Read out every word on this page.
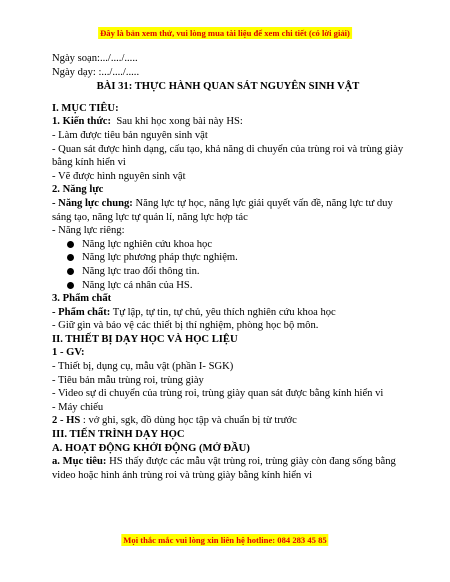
Đây là bản xem thử, vui lòng mua tài liệu để xem chi tiết (có lời giải)
Ngày soạn:.../..../.....
Ngày dạy: :.../..../.....
BÀI 31: THỰC HÀNH QUAN SÁT NGUYÊN SINH VẬT
I. MỤC TIÊU:
1. Kiến thức: Sau khi học xong bài này HS:
- Làm được tiêu bản nguyên sinh vật
- Quan sát được hình dạng, cấu tạo, khả năng di chuyển của trùng roi và trùng giày bằng kính hiển vi
- Vẽ được hình nguyên sinh vật
2. Năng lực
- Năng lực chung: Năng lực tự học, năng lực giải quyết vấn đề, năng lực tư duy sáng tạo, năng lực tự quản lí, năng lực hợp tác
- Năng lực riêng:
Năng lực nghiên cứu khoa học
Năng lực phương pháp thực nghiệm.
Năng lực trao đổi thông tin.
Năng lực cá nhân của HS.
3. Phẩm chất
- Phẩm chất: Tự lập, tự tin, tự chủ, yêu thích nghiên cứu khoa học
- Giữ gìn và bảo vệ các thiết bị thí nghiệm, phòng học bộ môn.
II. THIẾT BỊ DẠY HỌC VÀ HỌC LIỆU
1 - GV:
- Thiết bị, dụng cụ, mẫu vật (phần I- SGK)
- Tiêu bản mẫu trùng roi, trùng giày
- Video sự di chuyển của trùng roi, trùng giày quan sát được bằng kính hiển vi
- Máy chiếu
2 - HS : vở ghi, sgk, đồ dùng học tập và chuẩn bị từ trước
III. TIẾN TRÌNH DẠY HỌC
A. HOẠT ĐỘNG KHỞI ĐỘNG (MỞ ĐẦU)
a. Mục tiêu: HS thấy được các mẫu vật trùng roi, trùng giày còn đang sống bằng video hoặc hình ảnh trùng roi và trùng giày bằng kính hiển vi
Mọi thắc mắc vui lòng xin liên hệ hotline: 084 283 45 85
